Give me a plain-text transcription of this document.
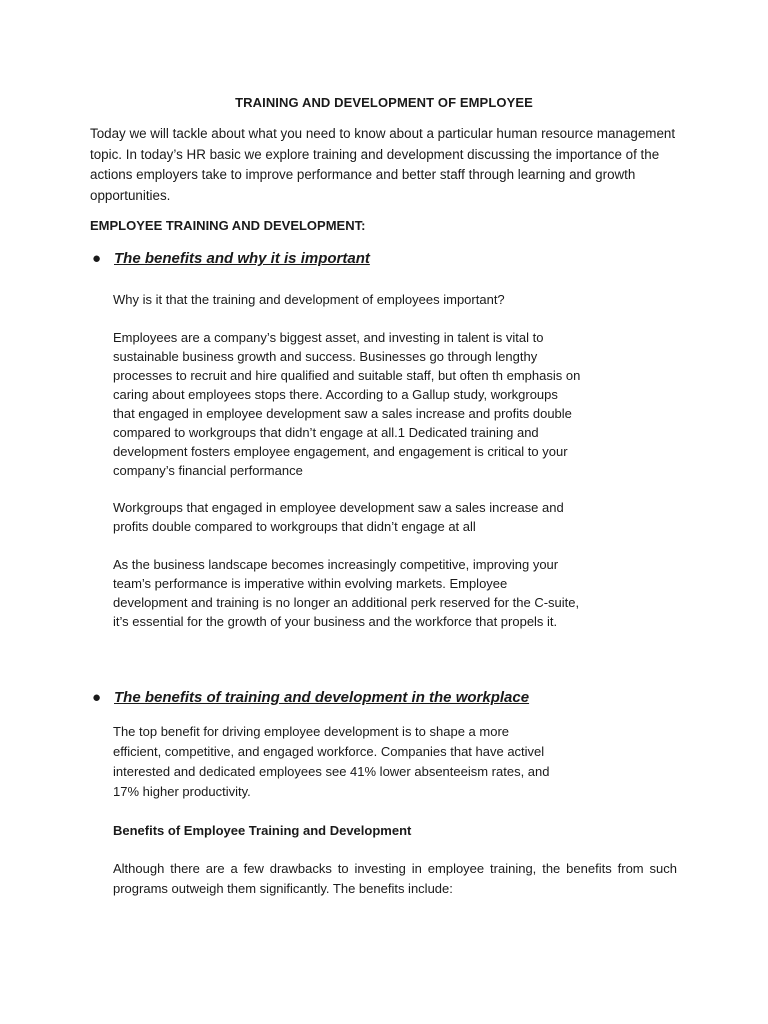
TRAINING AND DEVELOPMENT OF EMPLOYEE

Today we will tackle about what you need to know about a particular human resource management topic. In today’s HR basic we explore training and development discussing the importance of the actions employers take to improve performance and better staff through learning and growth opportunities.

EMPLOYEE TRAINING AND DEVELOPMENT:
● The benefits and why it is important

Why is it that the training and development of employees important?

Employees are a company’s biggest asset, and investing in talent is vital to sustainable business growth and success. Businesses go through lengthy processes to recruit and hire qualified and suitable staff, but often th emphasis on caring about employees stops there. According to a Gallup study, workgroups that engaged in employee development saw a sales increase and profits double compared to workgroups that didn’t engage at all.1 Dedicated training and development fosters employee engagement, and engagement is critical to your company’s financial performance

Workgroups that engaged in employee development saw a sales increase and profits double compared to workgroups that didn’t engage at all

As the business landscape becomes increasingly competitive, improving your team’s performance is imperative within evolving markets. Employee development and training is no longer an additional perk reserved for the C-suite, it’s essential for the growth of your business and the workforce that propels it.

● The benefits of training and development in the workplace

The top benefit for driving employee development is to shape a more efficient, competitive, and engaged workforce. Companies that have activel interested and dedicated employees see 41% lower absenteeism rates, and 17% higher productivity.

Benefits of Employee Training and Development

Although there are a few drawbacks to investing in employee training, the benefits from such programs outweigh them significantly. The benefits include:
